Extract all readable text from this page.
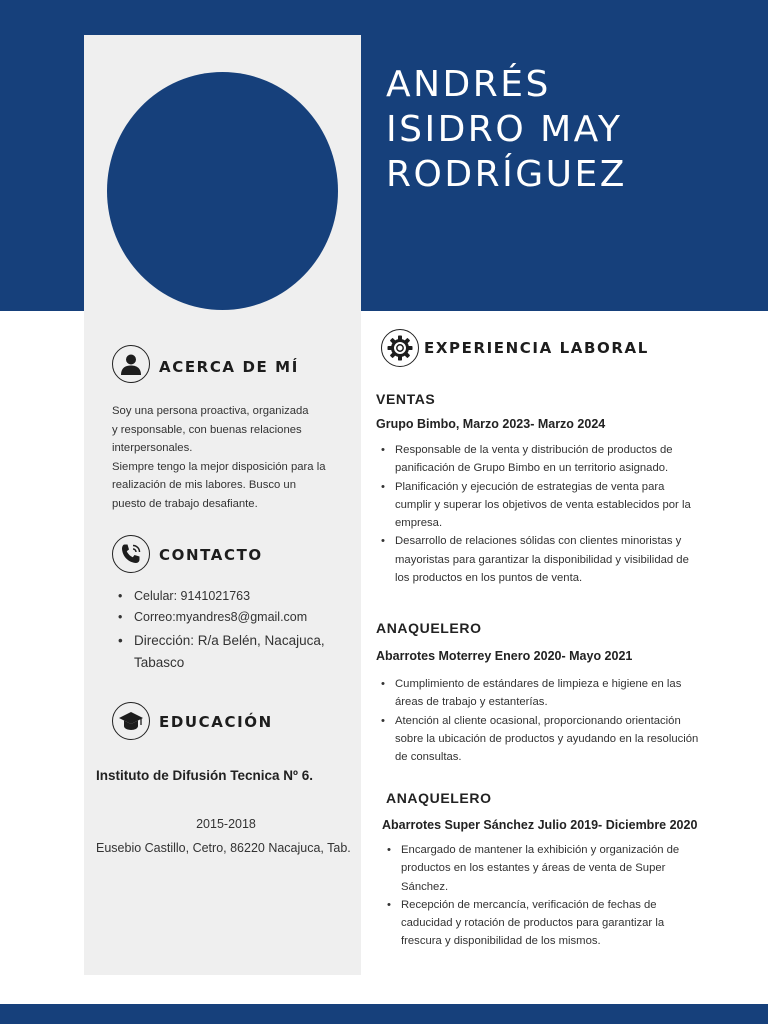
ANDRÉS
ISIDRO MAY
RODRÍGUEZ
ACERCA DE MÍ
Soy una persona proactiva, organizada
y responsable, con buenas relaciones
interpersonales.
Siempre tengo la mejor disposición para la
realización de mis labores. Busco un
puesto de trabajo desafiante.
CONTACTO
• Celular: 9141021763
• Correo:myandres8@gmail.com
• Dirección: R/a Belén, Nacajuca, Tabasco
EDUCACIÓN
Instituto de Difusión Tecnica Nº 6.
2015-2018
Eusebio Castillo, Cetro, 86220 Nacajuca, Tab.
EXPERIENCIA LABORAL
VENTAS
Grupo Bimbo, Marzo 2023- Marzo 2024
• Responsable de la venta y distribución de productos de panificación de Grupo Bimbo en un territorio asignado.
• Planificación y ejecución de estrategias de venta para cumplir y superar los objetivos de venta establecidos por la empresa.
• Desarrollo de relaciones sólidas con clientes minoristas y mayoristas para garantizar la disponibilidad y visibilidad de los productos en los puntos de venta.
ANAQUELERO
Abarrotes Moterrey Enero 2020- Mayo 2021
• Cumplimiento de estándares de limpieza e higiene en las áreas de trabajo y estanterías.
• Atención al cliente ocasional, proporcionando orientación sobre la ubicación de productos y ayudando en la resolución de consultas.
ANAQUELERO
Abarrotes Super Sánchez Julio 2019- Diciembre 2020
• Encargado de mantener la exhibición y organización de productos en los estantes y áreas de venta de Super Sánchez.
• Recepción de mercancía, verificación de fechas de caducidad y rotación de productos para garantizar la frescura y disponibilidad de los mismos.
